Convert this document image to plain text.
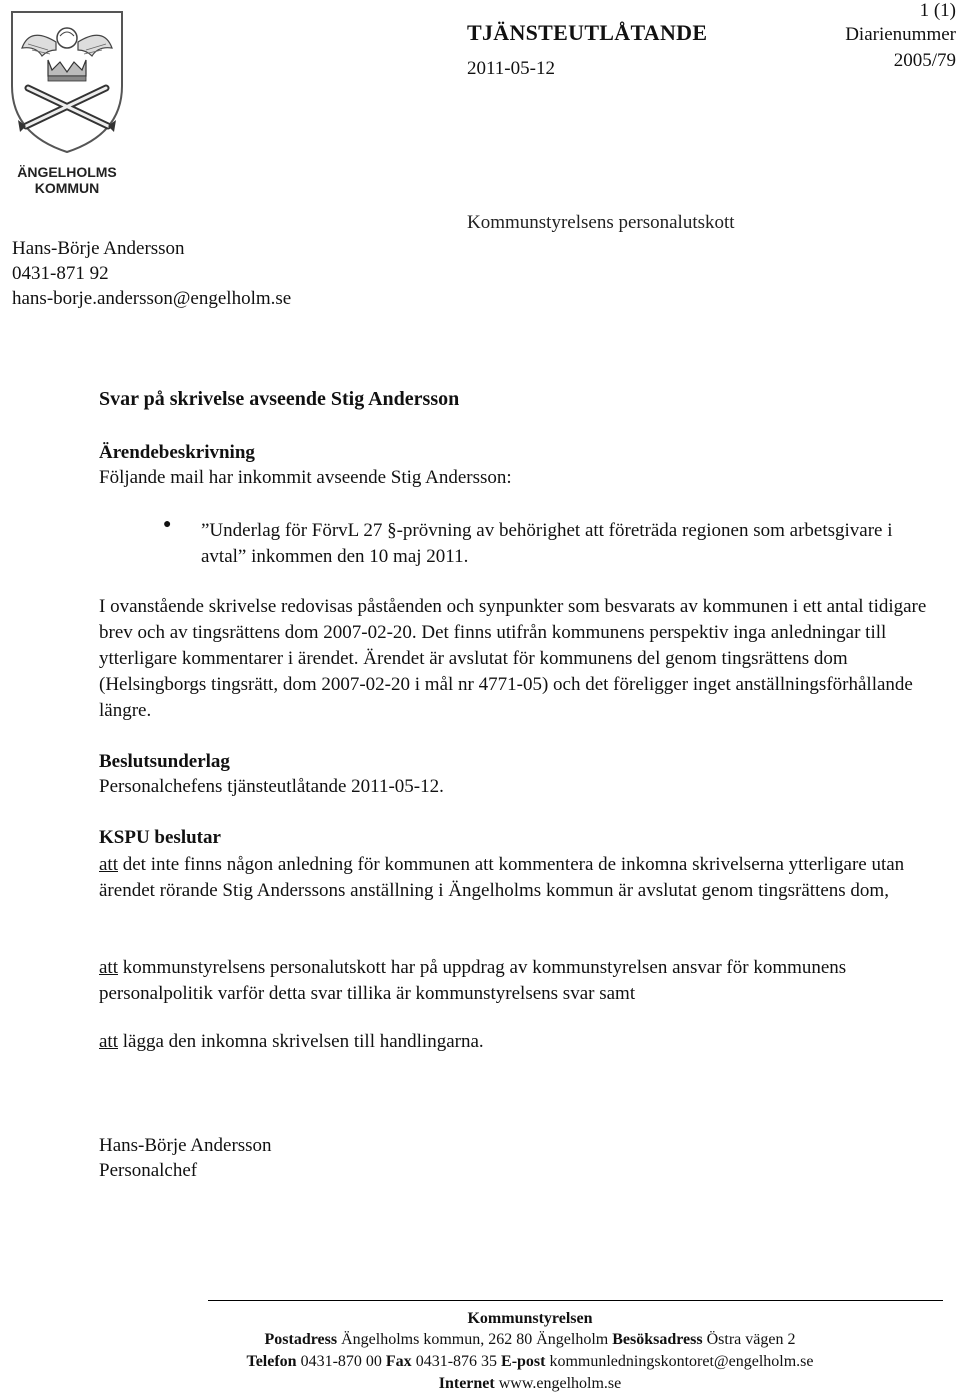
ÄNGELHOLMS
KOMMUN
TJÄNSTEUTLÅTANDE
2011-05-12
1 (1)
Diarienummer
2005/79
Kommunstyrelsens personalutskott
Hans-Börje Andersson
0431-871 92
hans-borje.andersson@engelholm.se
Svar på skrivelse avseende Stig Andersson
Ärendebeskrivning
Följande mail har inkommit avseende Stig Andersson:
● ”Underlag för FörvL 27 §-prövning av behörighet att företräda regionen som arbetsgivare i avtal” inkommen den 10 maj 2011.
I ovanstående skrivelse redovisas påståenden och synpunkter som besvarats av kommunen i ett antal tidigare brev och av tingsrättens dom 2007-02-20. Det finns utifrån kommunens perspektiv inga anledningar till ytterligare kommentarer i ärendet. Ärendet är avslutat för kommunens del genom tingsrättens dom (Helsingborgs tingsrätt, dom 2007-02-20 i mål nr 4771-05) och det föreligger inget anställningsförhållande längre.
Beslutsunderlag
Personalchefens tjänsteutlåtande 2011-05-12.
KSPU beslutar
att det inte finns någon anledning för kommunen att kommentera de inkomna skrivelserna ytterligare utan ärendet rörande Stig Anderssons anställning i Ängelholms kommun är avslutat genom tingsrättens dom,
att kommunstyrelsens personalutskott har på uppdrag av kommunstyrelsen ansvar för kommunens personalpolitik varför detta svar tillika är kommunstyrelsens svar samt
att lägga den inkomna skrivelsen till handlingarna.
Hans-Börje Andersson
Personalchef
Kommunstyrelsen
Postadress Ängelholms kommun, 262 80 Ängelholm Besöksadress Östra vägen 2
Telefon 0431-870 00 Fax 0431-876 35 E-post kommunledningskontoret@engelholm.se
Internet www.engelholm.se
